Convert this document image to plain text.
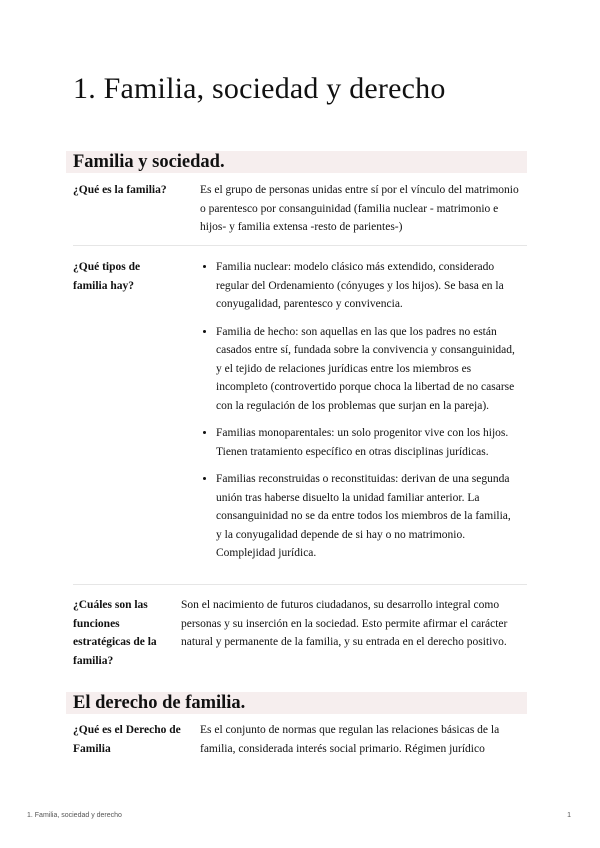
1. Familia, sociedad y derecho
Familia y sociedad.
¿Qué es la familia?	Es el grupo de personas unidas entre sí por el vínculo del matrimonio o parentesco por consanguinidad (familia nuclear - matrimonio e hijos- y familia extensa -resto de parientes-)

¿Qué tipos de familia hay?
• Familia nuclear: modelo clásico más extendido, considerado regular del Ordenamiento (cónyuges y los hijos). Se basa en la conyugalidad, parentesco y convivencia.
• Familia de hecho: son aquellas en las que los padres no están casados entre sí, fundada sobre la convivencia y consanguinidad, y el tejido de relaciones jurídicas entre los miembros es incompleto (controvertido porque choca la libertad de no casarse con la regulación de los problemas que surjan en la pareja).
• Familias monoparentales: un solo progenitor vive con los hijos. Tienen tratamiento específico en otras disciplinas jurídicas.
• Familias reconstruidas o reconstituidas: derivan de una segunda unión tras haberse disuelto la unidad familiar anterior. La consanguinidad no se da entre todos los miembros de la familia, y la conyugalidad depende de si hay o no matrimonio. Complejidad jurídica.
¿Cuáles son las funciones estratégicas de la familia?

Son el nacimiento de futuros ciudadanos, su desarrollo integral como personas y su inserción en la sociedad. Esto permite afirmar el carácter natural y permanente de la familia, y su entrada en el derecho positivo.

El derecho de familia.
¿Qué es el Derecho de Familia

Es el conjunto de normas que regulan las relaciones básicas de la familia, considerada interés social primario. Régimen jurídico

1. Familia, sociedad y derecho	1
